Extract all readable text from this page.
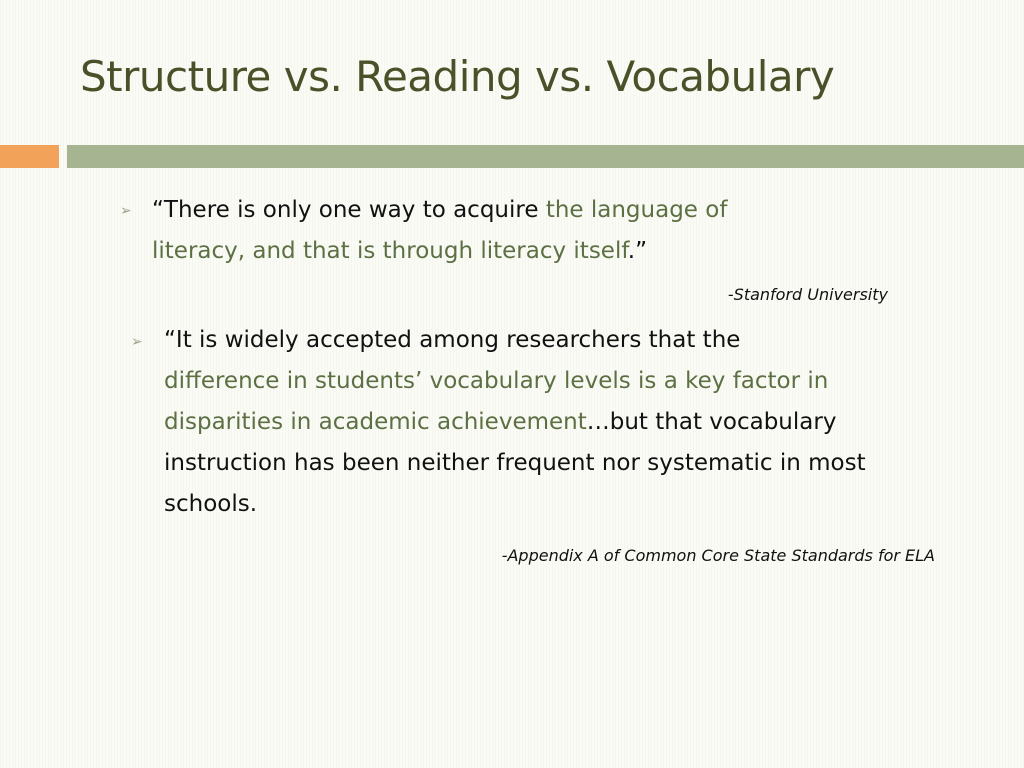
Structure vs. Reading vs. Vocabulary
➢ “There is only one way to acquire the language of
literacy, and that is through literacy itself.”

-Stanford University

➢ “It is widely accepted among researchers that the
difference in students’ vocabulary levels is a key factor in
disparities in academic achievement…but that vocabulary
instruction has been neither frequent nor systematic in most
schools.

-Appendix A of Common Core State Standards for ELA
